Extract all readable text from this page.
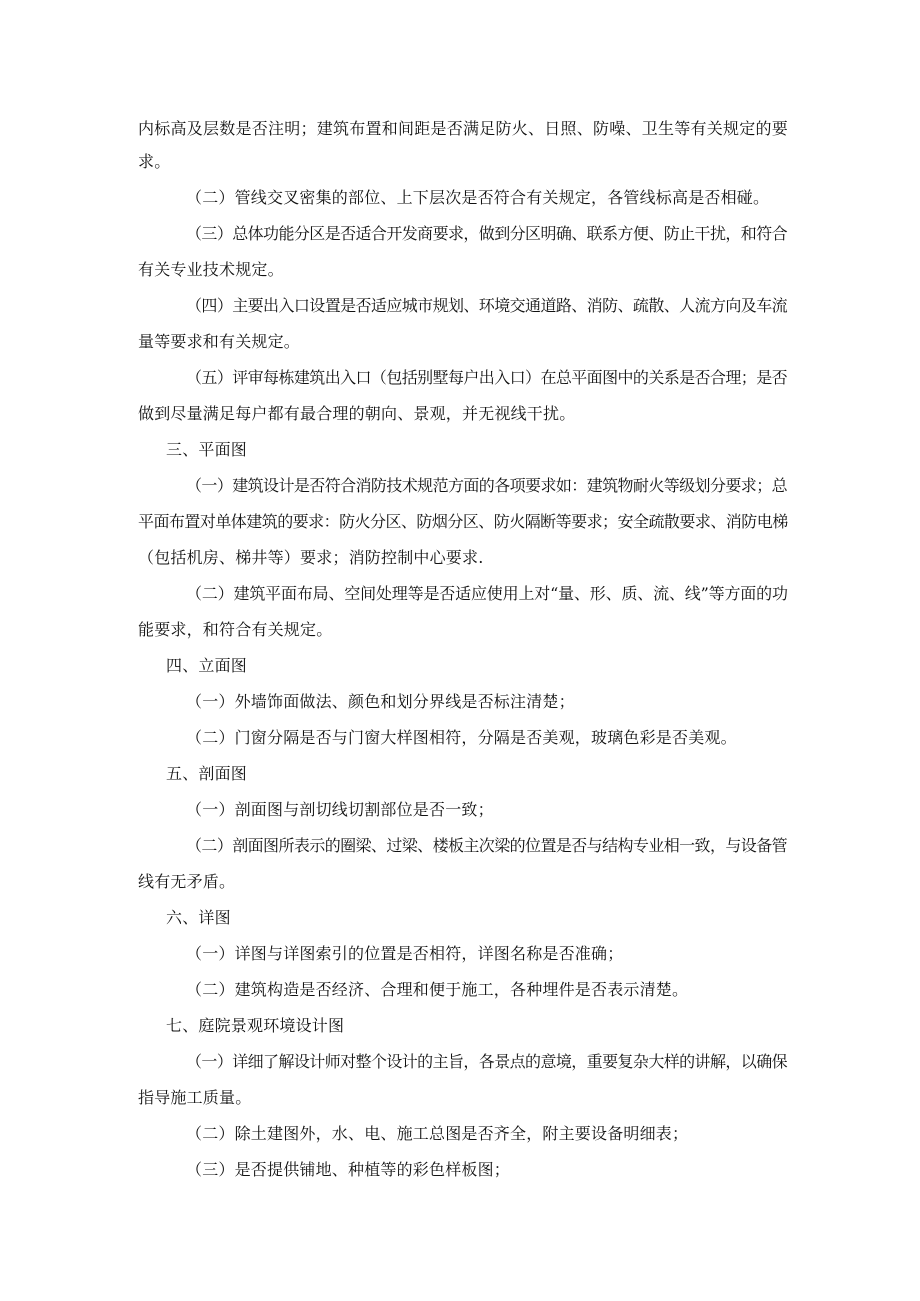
内标高及层数是否注明；建筑布置和间距是否满足防火、日照、防噪、卫生等有关规定的要
求。
（二）管线交叉密集的部位、上下层次是否符合有关规定，各管线标高是否相碰。
（三）总体功能分区是否适合开发商要求，做到分区明确、联系方便、防止干扰，和符合
有关专业技术规定。
（四）主要出入口设置是否适应城市规划、环境交通道路、消防、疏散、人流方向及车流
量等要求和有关规定。
（五）评审每栋建筑出入口（包括别墅每户出入口）在总平面图中的关系是否合理；是否
做到尽量满足每户都有最合理的朝向、景观，并无视线干扰。
三、平面图
（一）建筑设计是否符合消防技术规范方面的各项要求如：建筑物耐火等级划分要求；总
平面布置对单体建筑的要求：防火分区、防烟分区、防火隔断等要求；安全疏散要求、消防电梯
（包括机房、梯井等）要求；消防控制中心要求.
（二）建筑平面布局、空间处理等是否适应使用上对“量、形、质、流、线”等方面的功
能要求，和符合有关规定。
四、立面图
（一）外墙饰面做法、颜色和划分界线是否标注清楚；
（二）门窗分隔是否与门窗大样图相符，分隔是否美观，玻璃色彩是否美观。
五、剖面图
（一）剖面图与剖切线切割部位是否一致；
（二）剖面图所表示的圈梁、过梁、楼板主次梁的位置是否与结构专业相一致，与设备管
线有无矛盾。
六、详图
（一）详图与详图索引的位置是否相符，详图名称是否准确；
（二）建筑构造是否经济、合理和便于施工，各种埋件是否表示清楚。
七、庭院景观环境设计图
（一）详细了解设计师对整个设计的主旨，各景点的意境，重要复杂大样的讲解，以确保
指导施工质量。
（二）除土建图外，水、电、施工总图是否齐全，附主要设备明细表；
（三）是否提供铺地、种植等的彩色样板图；
